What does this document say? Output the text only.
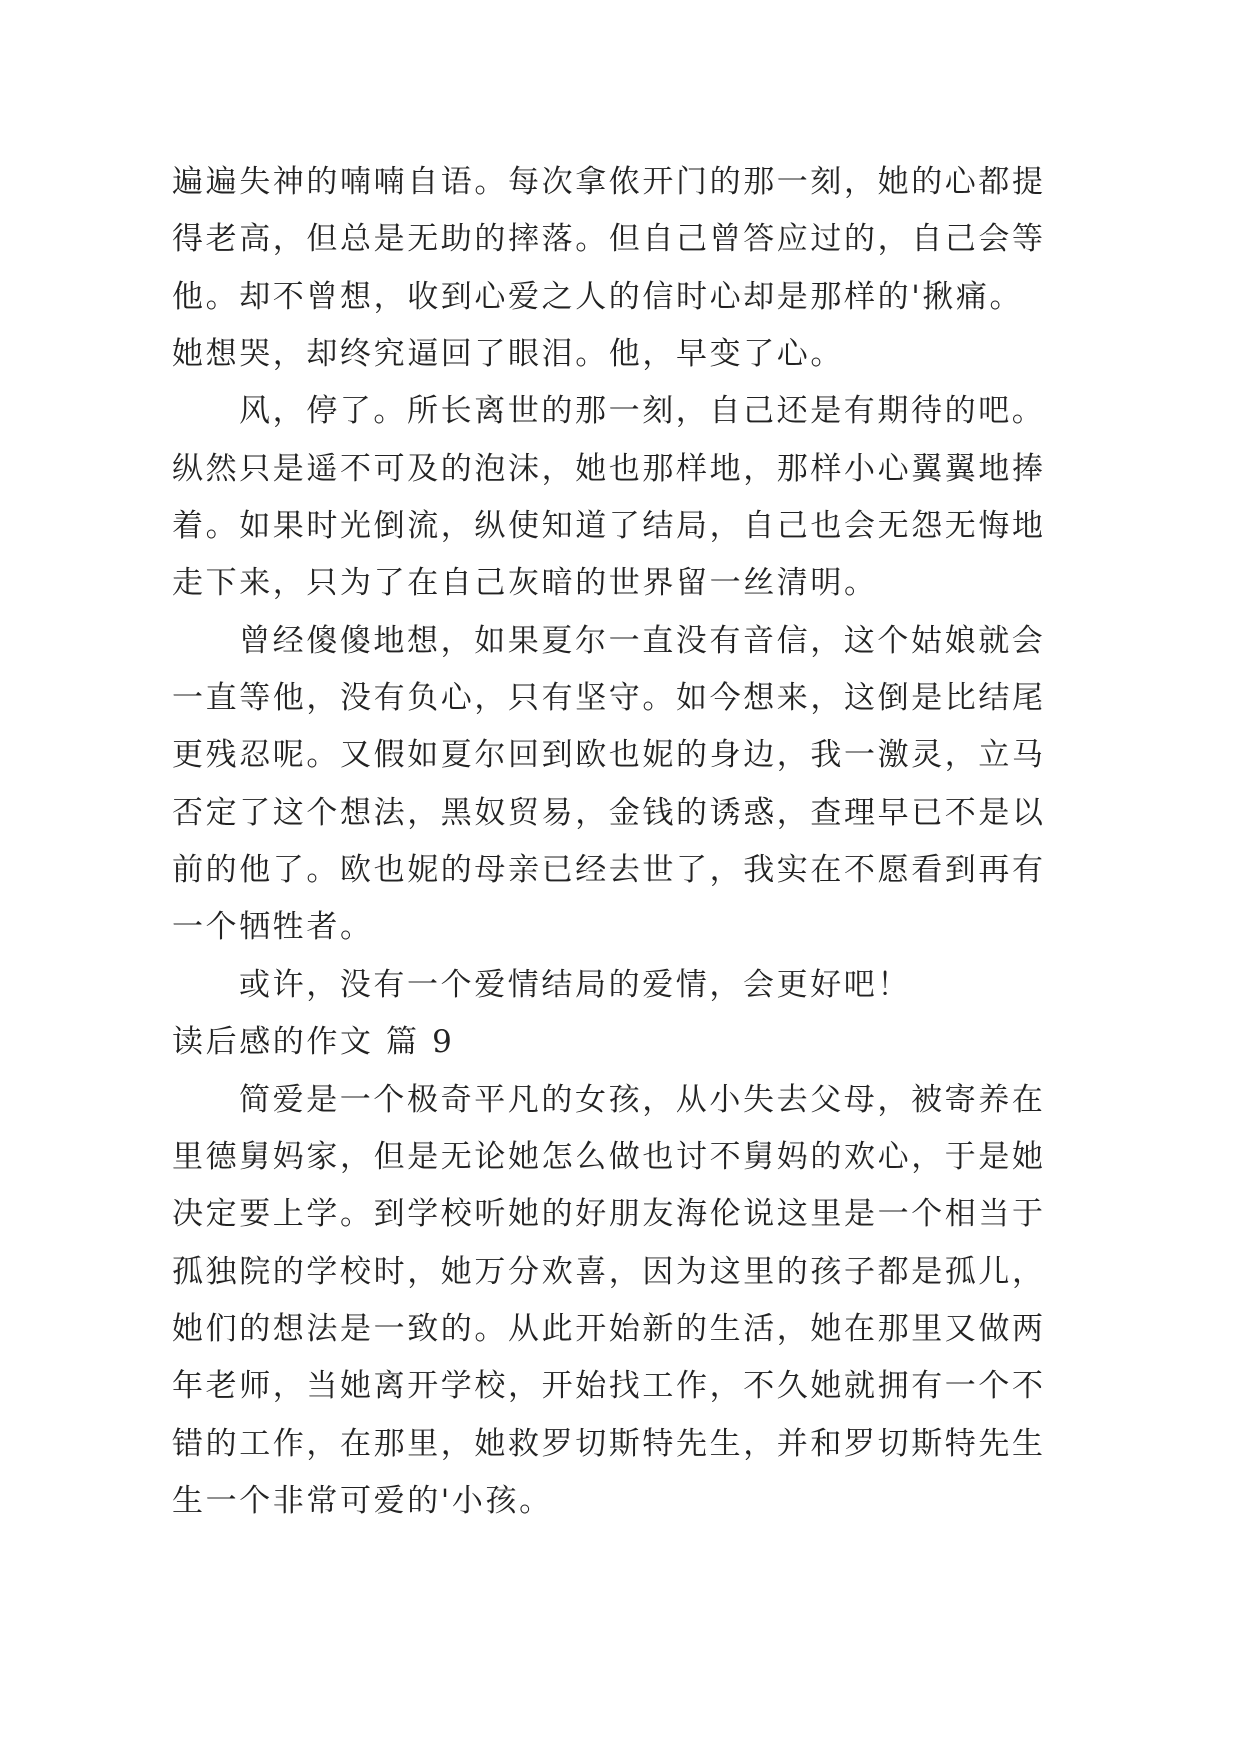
遍遍失神的喃喃自语。每次拿侬开门的那一刻，她的心都提
得老高，但总是无助的摔落。但自己曾答应过的，自己会等
他。却不曾想，收到心爱之人的信时心却是那样的'揪痛。
她想哭，却终究逼回了眼泪。他，早变了心。
风，停了。所长离世的那一刻，自己还是有期待的吧。
纵然只是遥不可及的泡沫，她也那样地，那样小心翼翼地捧
着。如果时光倒流，纵使知道了结局，自己也会无怨无悔地
走下来，只为了在自己灰暗的世界留一丝清明。
曾经傻傻地想，如果夏尔一直没有音信，这个姑娘就会
一直等他，没有负心，只有坚守。如今想来，这倒是比结尾
更残忍呢。又假如夏尔回到欧也妮的身边，我一激灵，立马
否定了这个想法，黑奴贸易，金钱的诱惑，查理早已不是以
前的他了。欧也妮的母亲已经去世了，我实在不愿看到再有
一个牺牲者。
或许，没有一个爱情结局的爱情，会更好吧！
读后感的作文 篇 9
简爱是一个极奇平凡的女孩，从小失去父母，被寄养在
里德舅妈家，但是无论她怎么做也讨不舅妈的欢心，于是她
决定要上学。到学校听她的好朋友海伦说这里是一个相当于
孤独院的学校时，她万分欢喜，因为这里的孩子都是孤儿，
她们的想法是一致的。从此开始新的生活，她在那里又做两
年老师，当她离开学校，开始找工作，不久她就拥有一个不
错的工作，在那里，她救罗切斯特先生，并和罗切斯特先生
生一个非常可爱的'小孩。
